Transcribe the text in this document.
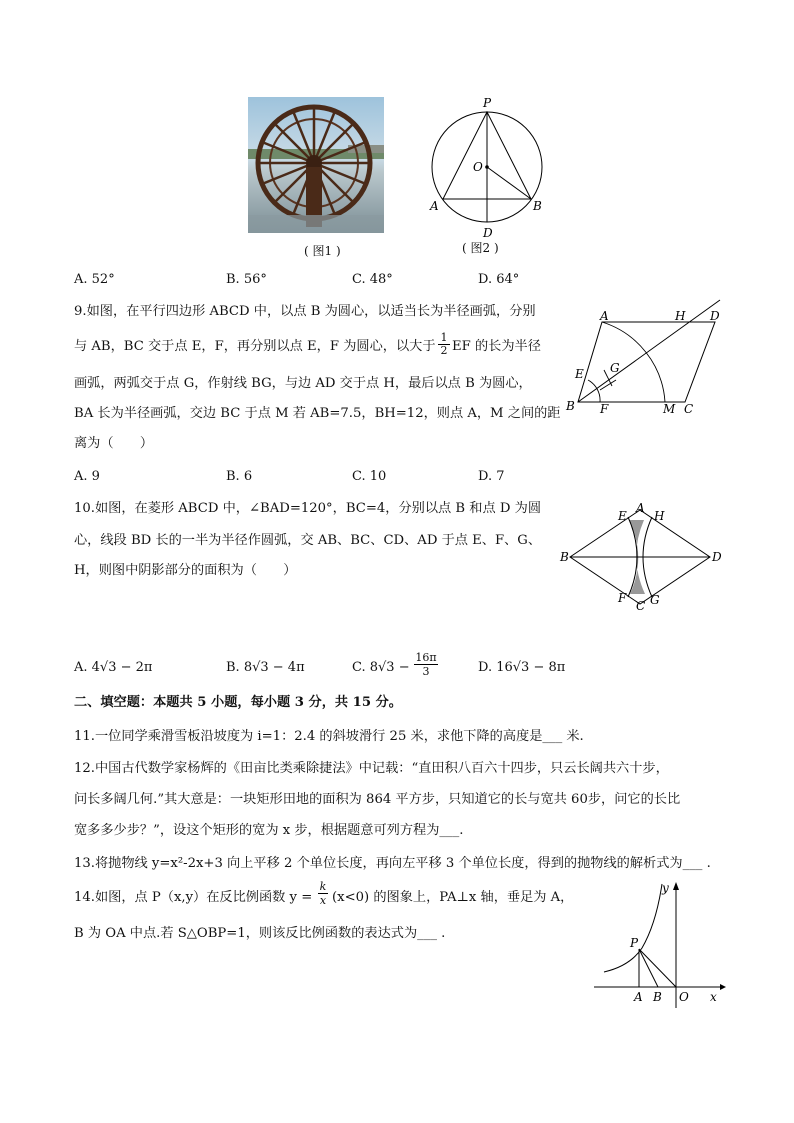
( 图1 )
P
O
A	B
D
( 图2 )
A. 52°	B. 56°	C. 48°	D. 64°
9.如图，在平行四边形 ABCD 中，以点 B 为圆心，以适当长为半径画弧，分别
与 AB，BC 交于点 E，F，再分别以点 E，F 为圆心，以大于
1
2 EF 的长为半径
画弧，两弧交于点 G，作射线 BG，与边 AD 交于点 H，最后以点 B 为圆心，
BA 长为半径画弧，交边 BC 于点 M 若 AB=7.5，BH=12，则点 A，M 之间的距
离为（　　）
A	H D
E G
B F	M C
A. 9	B. 6	C. 10	D. 7
10.如图，在菱形 ABCD 中，∠BAD=120°，BC=4，分别以点 B 和点 D 为圆
心，线段 BD 长的一半为半径作圆弧，交 AB、BC、CD、AD 于点 E、F、G、
H，则图中阴影部分的面积为（　　）
E
A
H
B	D
F
C G
A. 4√3 − 2π	B. 8√3 − 4π	C. 8√3 −
16π
3	D. 16√3 − 8π
二、填空题：本题共 5 小题，每小题 3 分，共 15 分。
11.一位同学乘滑雪板沿坡度为 i=1：2.4 的斜坡滑行 25 米，求他下降的高度是___ 米.
12.中国古代数学家杨辉的《田亩比类乘除捷法》中记载：“直田积八百六十四步，只云长阔共六十步，
问长多阔几何.”其大意是：一块矩形田地的面积为 864 平方步，只知道它的长与宽共 60步，问它的长比
宽多多少步？”，设这个矩形的宽为 x 步，根据题意可列方程为___.
13.将抛物线 y=x²-2x+3 向上平移 2 个单位长度，再向左平移 3 个单位长度，得到的抛物线的解析式为___ .
14.如图，点 P（x,y）在反比例函数 y =
k
x (x<0) 的图象上，PA⊥x 轴，垂足为 A，
B 为 OA 中点.若 S△OBP=1，则该反比例函数的表达式为___ .
y
P
A B O x
